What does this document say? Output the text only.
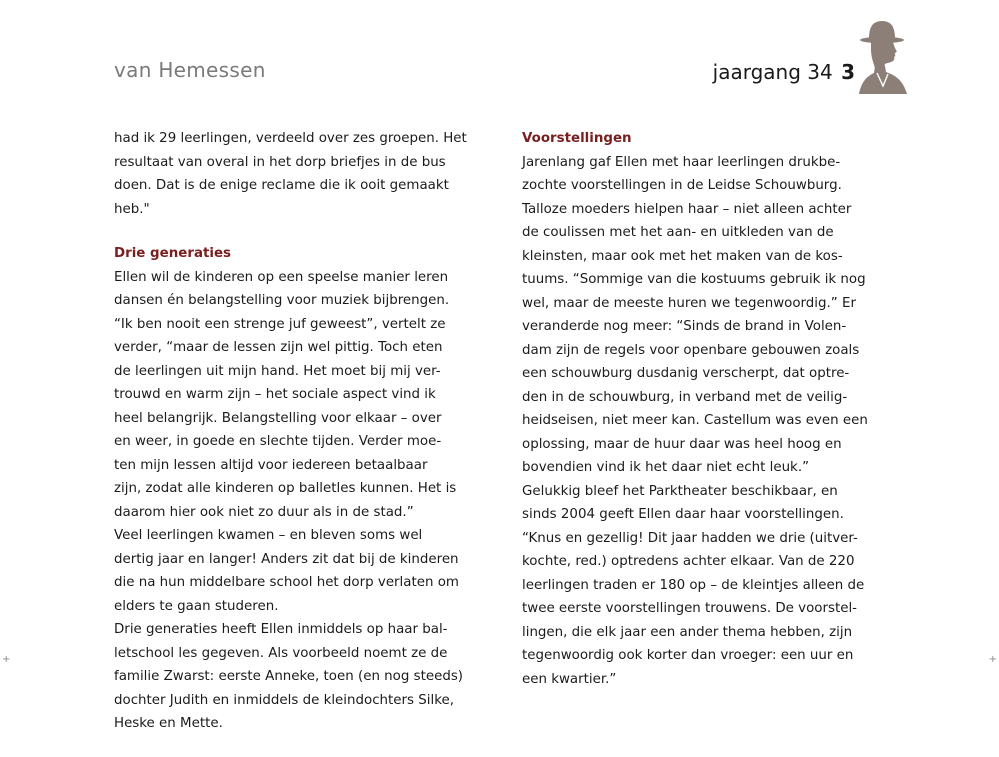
van Hemessen	jaargang 34 3
had ik 29 leerlingen, verdeeld over zes groepen. Het
resultaat van overal in het dorp briefjes in de bus
doen. Dat is de enige reclame die ik ooit gemaakt
heb."
Drie generaties
Ellen wil de kinderen op een speelse manier leren
dansen én belangstelling voor muziek bijbrengen.
“Ik ben nooit een strenge juf geweest”, vertelt ze
verder, “maar de lessen zijn wel pittig. Toch eten
de leerlingen uit mijn hand. Het moet bij mij ver-
trouwd en warm zijn – het sociale aspect vind ik
heel belangrijk. Belangstelling voor elkaar – over
en weer, in goede en slechte tijden. Verder moe-
ten mijn lessen altijd voor iedereen betaalbaar
zijn, zodat alle kinderen op balletles kunnen. Het is
daarom hier ook niet zo duur als in de stad.”
Veel leerlingen kwamen – en bleven soms wel
dertig jaar en langer! Anders zit dat bij de kinderen
die na hun middelbare school het dorp verlaten om
elders te gaan studeren.
Drie generaties heeft Ellen inmiddels op haar bal-
letschool les gegeven. Als voorbeeld noemt ze de
familie Zwarst: eerste Anneke, toen (en nog steeds)
dochter Judith en inmiddels de kleindochters Silke,
Heske en Mette.
Voorstellingen
Jarenlang gaf Ellen met haar leerlingen drukbe-
zochte voorstellingen in de Leidse Schouwburg.
Talloze moeders hielpen haar – niet alleen achter
de coulissen met het aan- en uitkleden van de
kleinsten, maar ook met het maken van de kos-
tuums. “Sommige van die kostuums gebruik ik nog
wel, maar de meeste huren we tegenwoordig.” Er
veranderde nog meer: “Sinds de brand in Volen-
dam zijn de regels voor openbare gebouwen zoals
een schouwburg dusdanig verscherpt, dat optre-
den in de schouwburg, in verband met de veilig-
heidseisen, niet meer kan. Castellum was even een
oplossing, maar de huur daar was heel hoog en
bovendien vind ik het daar niet echt leuk.”
Gelukkig bleef het Parktheater beschikbaar, en
sinds 2004 geeft Ellen daar haar voorstellingen.
“Knus en gezellig! Dit jaar hadden we drie (uitver-
kochte, red.) optredens achter elkaar. Van de 220
leerlingen traden er 180 op – de kleintjes alleen de
twee eerste voorstellingen trouwens. De voorstel-
lingen, die elk jaar een ander thema hebben, zijn
tegenwoordig ook korter dan vroeger: een uur en
een kwartier.”
+	+
